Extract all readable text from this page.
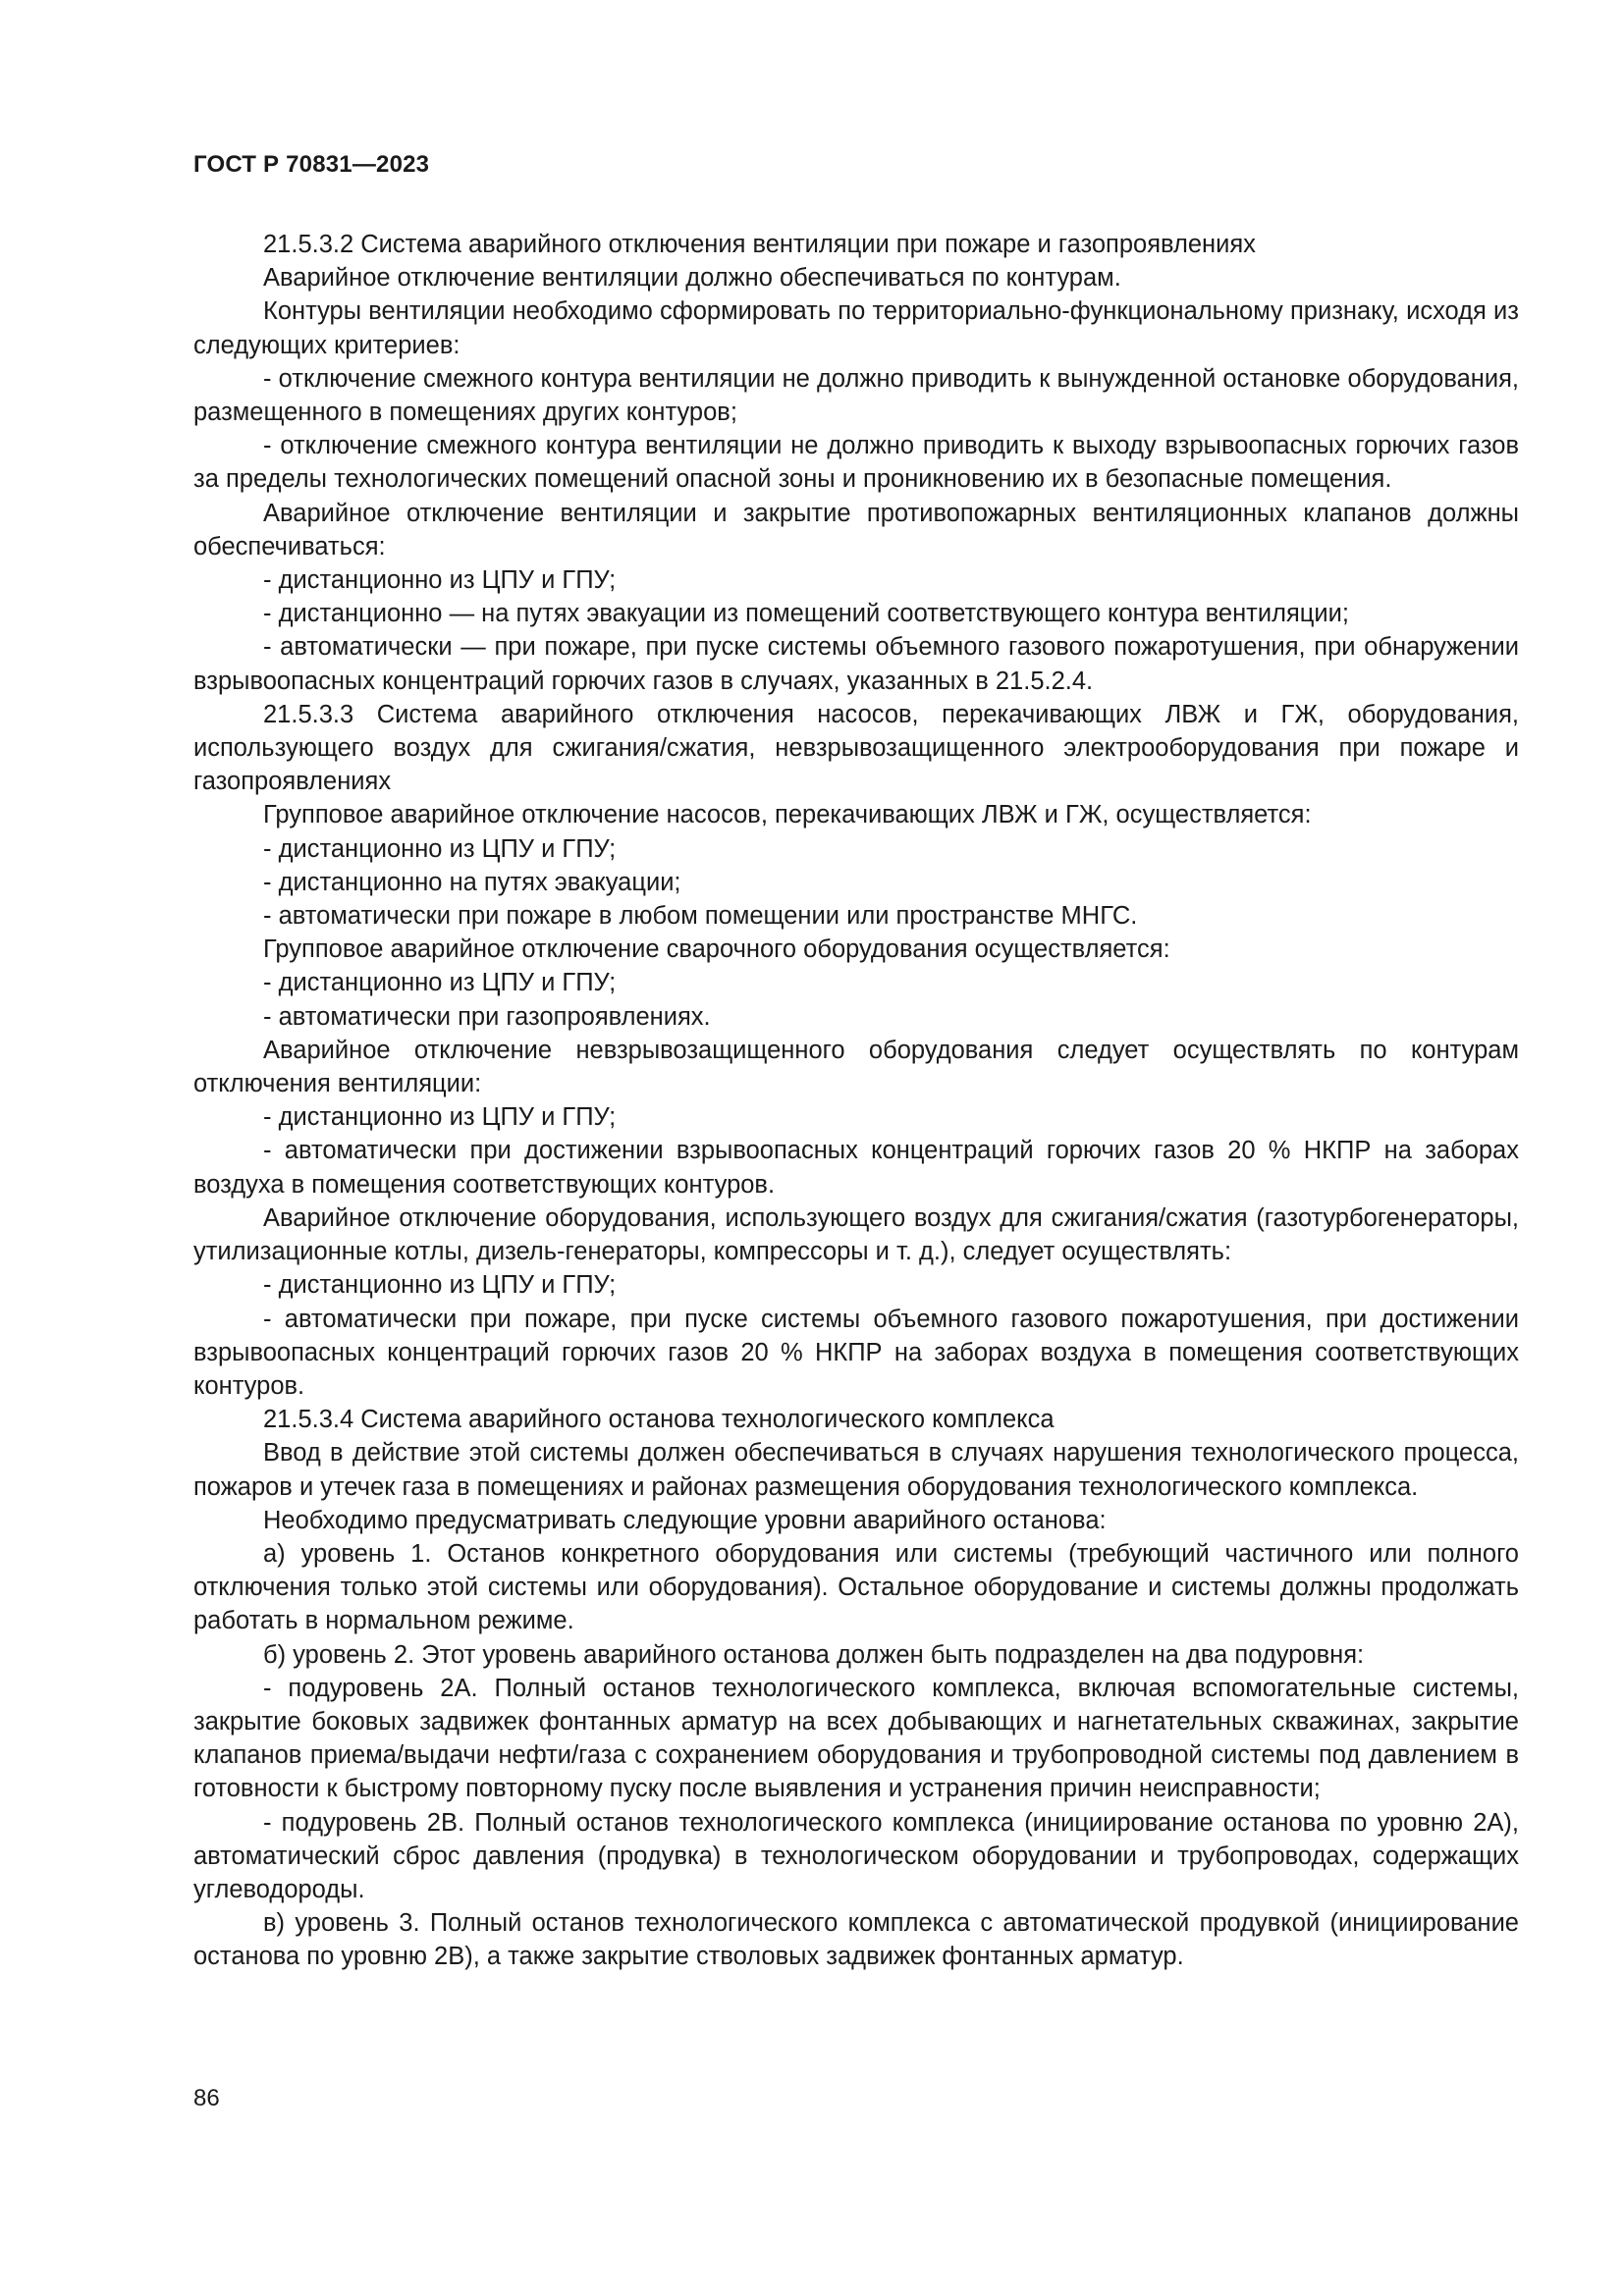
ГОСТ Р 70831—2023

21.5.3.2 Система аварийного отключения вентиляции при пожаре и газопроявлениях

Аварийное отключение вентиляции должно обеспечиваться по контурам.

Контуры вентиляции необходимо сформировать по территориально-функциональному признаку, исходя из следующих критериев:

- отключение смежного контура вентиляции не должно приводить к вынужденной остановке оборудования, размещенного в помещениях других контуров;

- отключение смежного контура вентиляции не должно приводить к выходу взрывоопасных горючих газов за пределы технологических помещений опасной зоны и проникновению их в безопасные помещения.

Аварийное отключение вентиляции и закрытие противопожарных вентиляционных клапанов должны обеспечиваться:

- дистанционно из ЦПУ и ГПУ;

- дистанционно — на путях эвакуации из помещений соответствующего контура вентиляции;

- автоматически — при пожаре, при пуске системы объемного газового пожаротушения, при обнаружении взрывоопасных концентраций горючих газов в случаях, указанных в 21.5.2.4.

21.5.3.3 Система аварийного отключения насосов, перекачивающих ЛВЖ и ГЖ, оборудования, использующего воздух для сжигания/сжатия, невзрывозащищенного электрооборудования при пожаре и газопроявлениях

Групповое аварийное отключение насосов, перекачивающих ЛВЖ и ГЖ, осуществляется:

- дистанционно из ЦПУ и ГПУ;

- дистанционно на путях эвакуации;

- автоматически при пожаре в любом помещении или пространстве МНГС.

Групповое аварийное отключение сварочного оборудования осуществляется:

- дистанционно из ЦПУ и ГПУ;

- автоматически при газопроявлениях.

Аварийное отключение невзрывозащищенного оборудования следует осуществлять по контурам отключения вентиляции:

- дистанционно из ЦПУ и ГПУ;

- автоматически при достижении взрывоопасных концентраций горючих газов 20 % НКПР на заборах воздуха в помещения соответствующих контуров.

Аварийное отключение оборудования, использующего воздух для сжигания/сжатия (газотурбогенераторы, утилизационные котлы, дизель-генераторы, компрессоры и т. д.), следует осуществлять:

- дистанционно из ЦПУ и ГПУ;

- автоматически при пожаре, при пуске системы объемного газового пожаротушения, при достижении взрывоопасных концентраций горючих газов 20 % НКПР на заборах воздуха в помещения соответствующих контуров.

21.5.3.4 Система аварийного останова технологического комплекса

Ввод в действие этой системы должен обеспечиваться в случаях нарушения технологического процесса, пожаров и утечек газа в помещениях и районах размещения оборудования технологического комплекса.

Необходимо предусматривать следующие уровни аварийного останова:

а) уровень 1. Останов конкретного оборудования или системы (требующий частичного или полного отключения только этой системы или оборудования). Остальное оборудование и системы должны продолжать работать в нормальном режиме.

б) уровень 2. Этот уровень аварийного останова должен быть подразделен на два подуровня:

- подуровень 2А. Полный останов технологического комплекса, включая вспомогательные системы, закрытие боковых задвижек фонтанных арматур на всех добывающих и нагнетательных скважинах, закрытие клапанов приема/выдачи нефти/газа с сохранением оборудования и трубопроводной системы под давлением в готовности к быстрому повторному пуску после выявления и устранения причин неисправности;

- подуровень 2В. Полный останов технологического комплекса (инициирование останова по уровню 2А), автоматический сброс давления (продувка) в технологическом оборудовании и трубопроводах, содержащих углеводороды.

в) уровень 3. Полный останов технологического комплекса с автоматической продувкой (инициирование останова по уровню 2В), а также закрытие стволовых задвижек фонтанных арматур.

86
